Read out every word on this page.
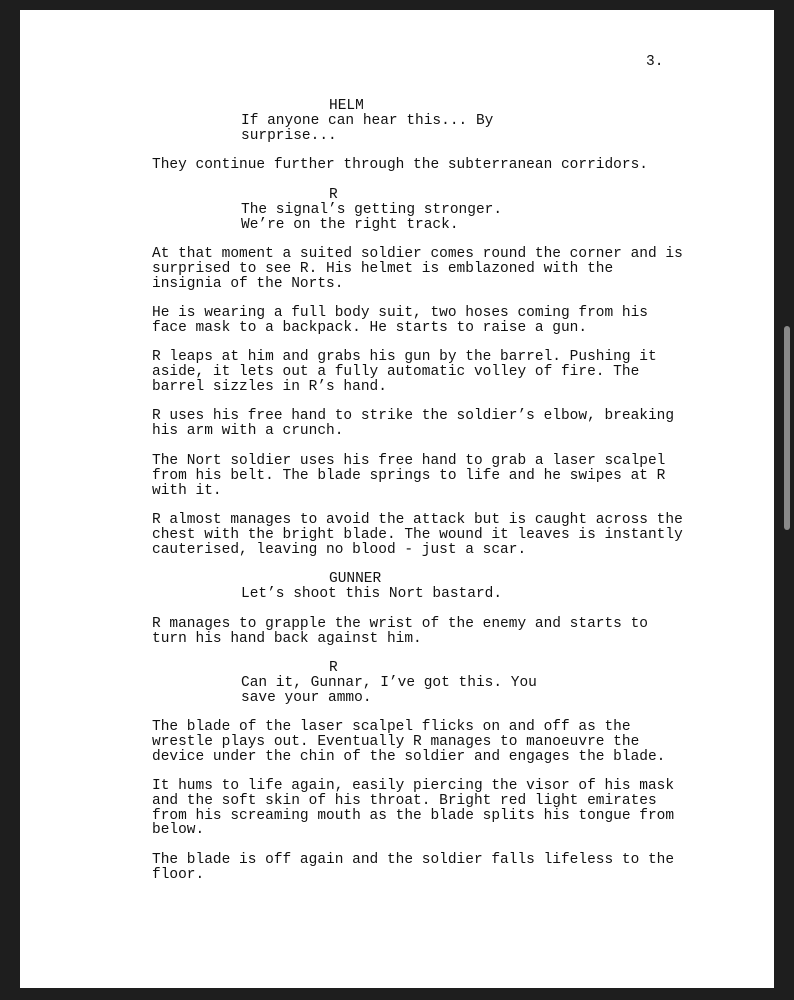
3.
HELM
If anyone can hear this... By
surprise...
They continue further through the subterranean corridors.
R
The signal’s getting stronger.
We’re on the right track.
At that moment a suited soldier comes round the corner and is
surprised to see R. His helmet is emblazoned with the
insignia of the Norts.
He is wearing a full body suit, two hoses coming from his
face mask to a backpack. He starts to raise a gun.
R leaps at him and grabs his gun by the barrel. Pushing it
aside, it lets out a fully automatic volley of fire. The
barrel sizzles in R’s hand.
R uses his free hand to strike the soldier’s elbow, breaking
his arm with a crunch.
The Nort soldier uses his free hand to grab a laser scalpel
from his belt. The blade springs to life and he swipes at R
with it.
R almost manages to avoid the attack but is caught across the
chest with the bright blade. The wound it leaves is instantly
cauterised, leaving no blood - just a scar.
GUNNER
Let’s shoot this Nort bastard.
R manages to grapple the wrist of the enemy and starts to
turn his hand back against him.
R
Can it, Gunnar, I’ve got this. You
save your ammo.
The blade of the laser scalpel flicks on and off as the
wrestle plays out. Eventually R manages to manoeuvre the
device under the chin of the soldier and engages the blade.
It hums to life again, easily piercing the visor of his mask
and the soft skin of his throat. Bright red light emirates
from his screaming mouth as the blade splits his tongue from
below.
The blade is off again and the soldier falls lifeless to the
floor.
